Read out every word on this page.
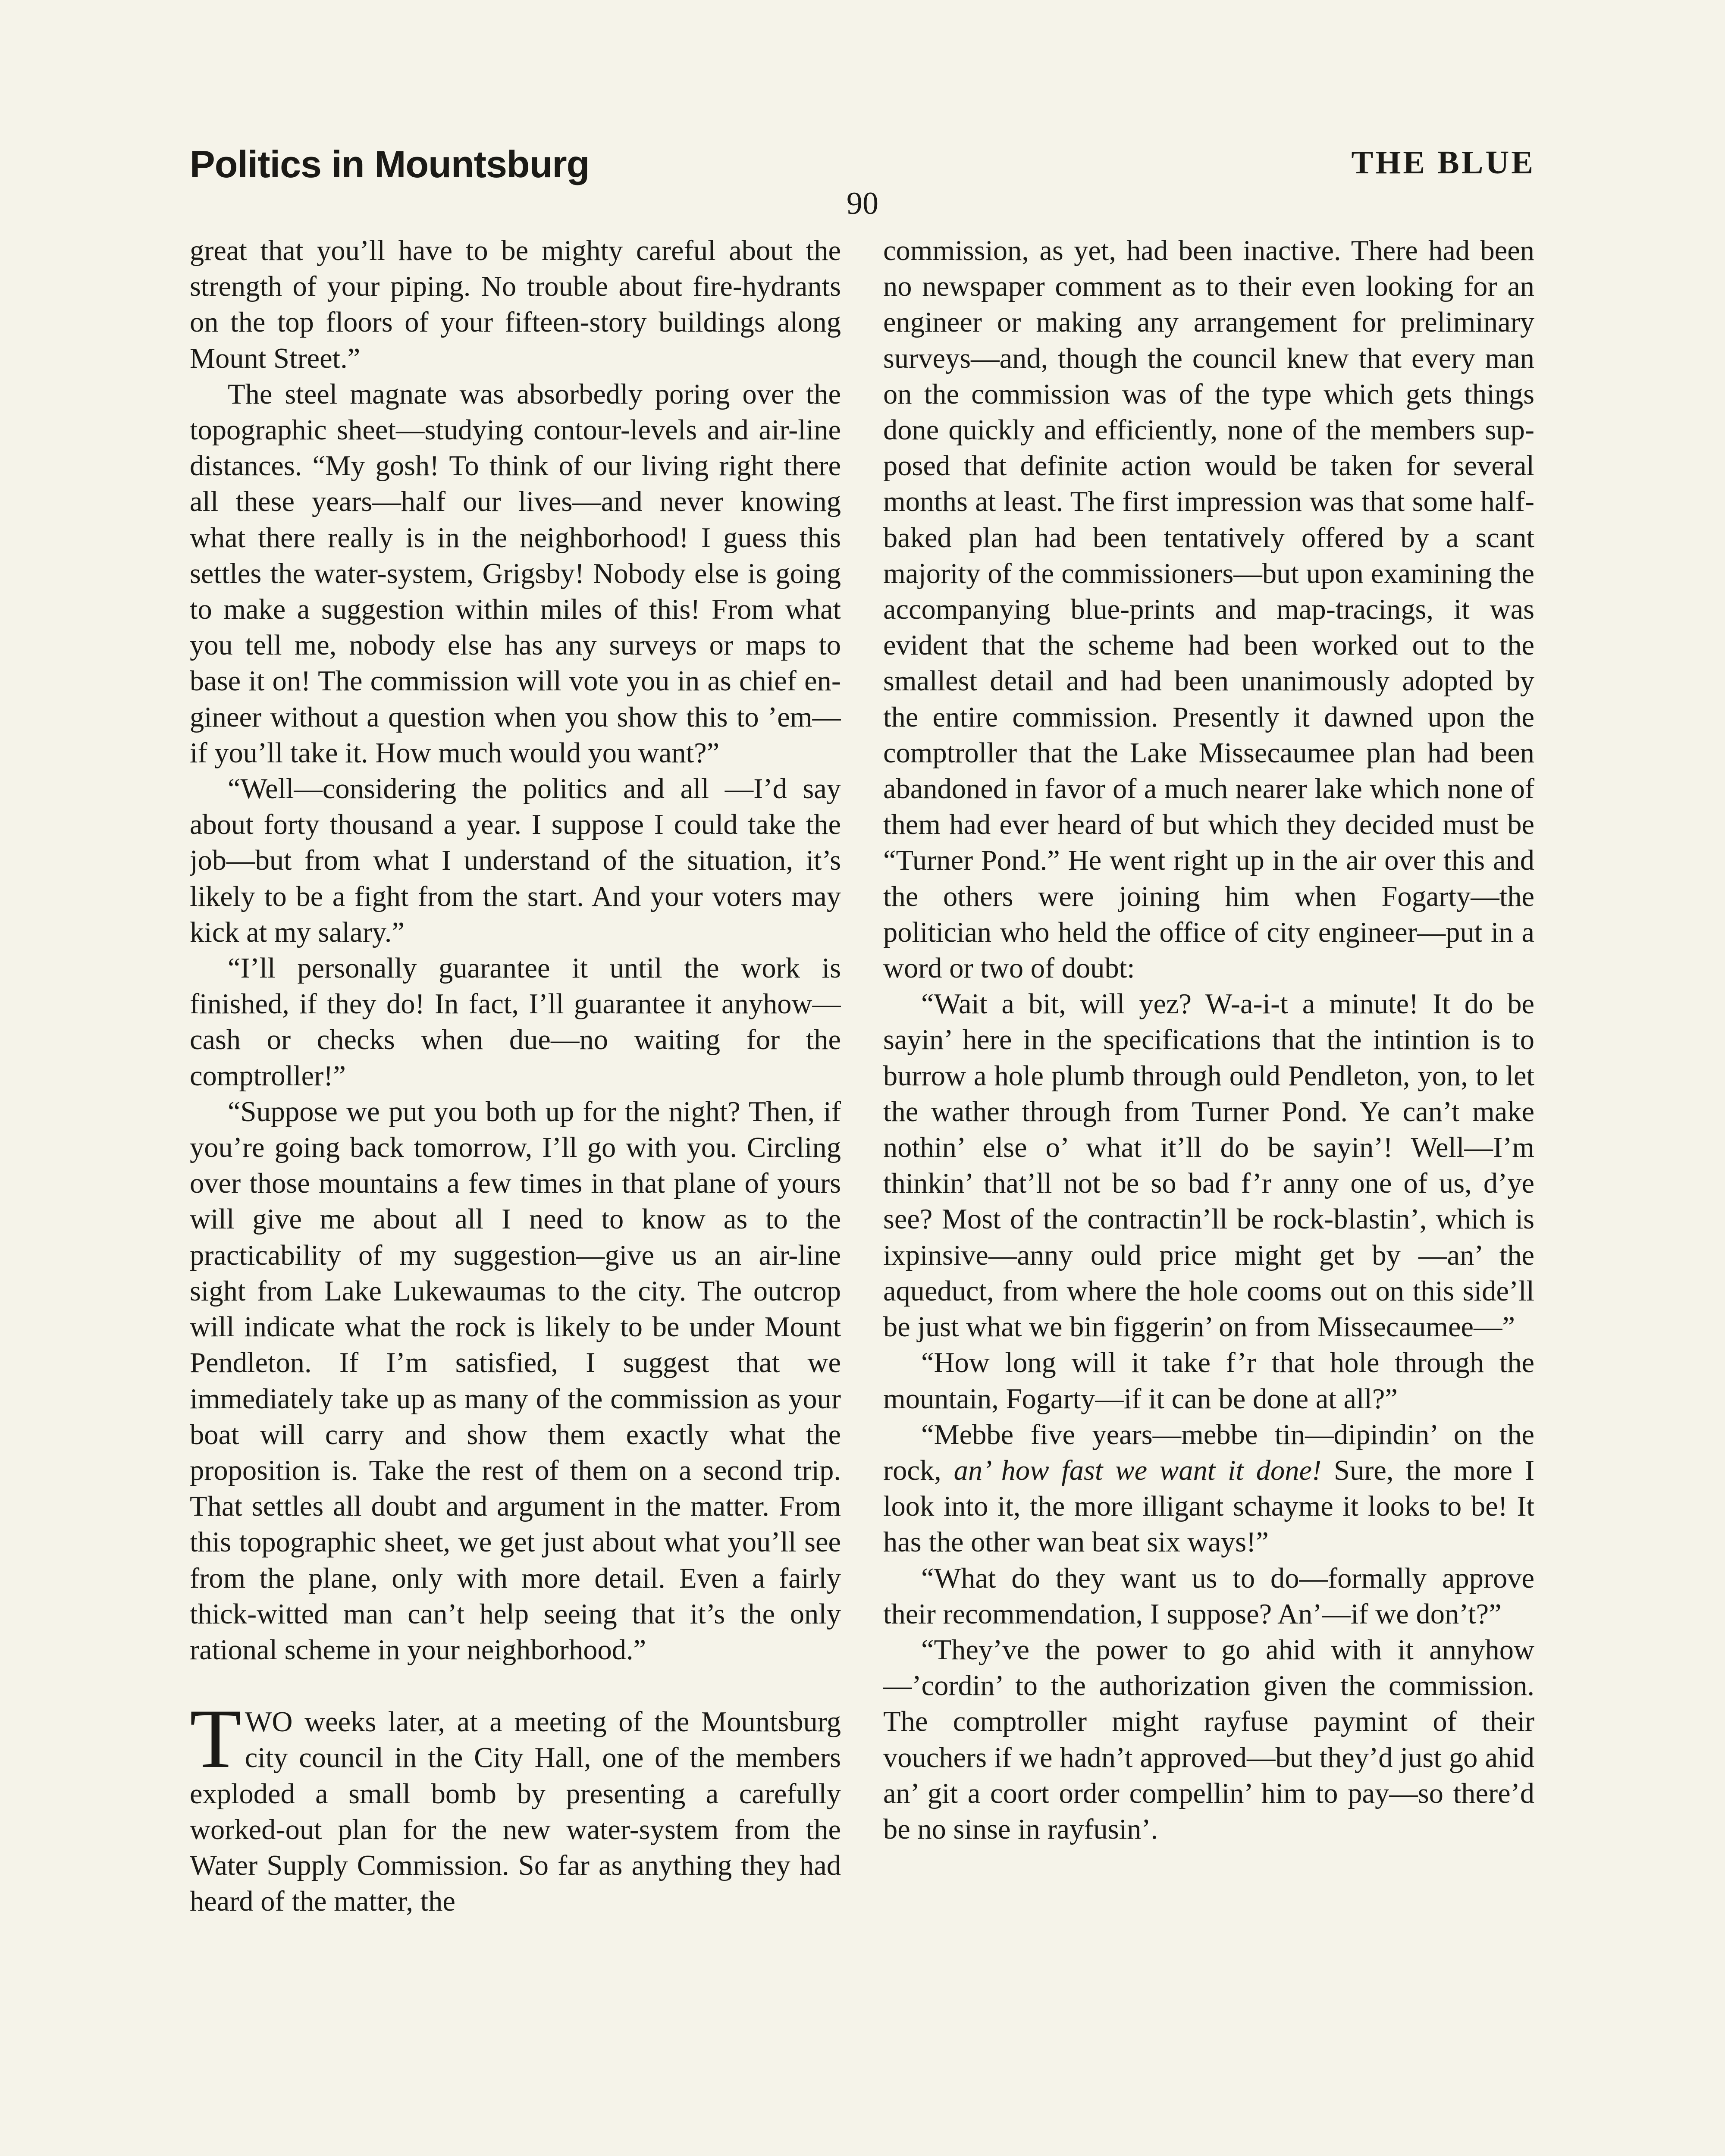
Politics in Mountsburg	THE BLUE
90

great that you’ll have to be mighty careful about the strength of your piping. No trouble about fire-hydrants on the top floors of your fifteen-story buildings along Mount Street.”

The steel magnate was absorbedly poring over the topographic sheet—studying contour-levels and air-line distances. “My gosh! To think of our living right there all these years—half our lives—and never knowing what there really is in the neighborhood! I guess this settles the water-system, Grigsby! Nobody else is going to make a suggestion within miles of this! From what you tell me, nobody else has any surveys or maps to base it on! The commission will vote you in as chief engineer without a question when you show this to ’em—if you’ll take it. How much would you want?”

“Well—considering the politics and all —I’d say about forty thousand a year. I suppose I could take the job—but from what I understand of the situation, it’s likely to be a fight from the start. And your voters may kick at my salary.”

“I’ll personally guarantee it until the work is finished, if they do! In fact, I’ll guarantee it anyhow—cash or checks when due—no waiting for the comptroller!”

“Suppose we put you both up for the night? Then, if you’re going back tomorrow, I’ll go with you. Circling over those mountains a few times in that plane of yours will give me about all I need to know as to the practicability of my suggestion—give us an air-line sight from Lake Lukewaumas to the city. The outcrop will indicate what the rock is likely to be under Mount Pendleton. If I’m satisfied, I suggest that we immediately take up as many of the commission as your boat will carry and show them exactly what the proposition is. Take the rest of them on a second trip. That settles all doubt and argument in the matter. From this topographic sheet, we get just about what you’ll see from the plane, only with more detail. Even a fairly thick-witted man can’t help seeing that it’s the only rational scheme in your neighborhood.”

TWO weeks later, at a meeting of the Mountsburg city council in the City Hall, one of the members exploded a small bomb by presenting a carefully worked-out plan for the new water-system from the Water Supply Commission. So far as anything they had heard of the matter, the

commission, as yet, had been inactive. There had been no newspaper comment as to their even looking for an engineer or making any arrangement for preliminary surveys—and, though the council knew that every man on the commission was of the type which gets things done quickly and efficiently, none of the members supposed that definite action would be taken for several months at least. The first impression was that some half-baked plan had been tentatively offered by a scant majority of the commissioners—but upon examining the accompanying blue-prints and map-tracings, it was evident that the scheme had been worked out to the smallest detail and had been unanimously adopted by the entire commission. Presently it dawned upon the comptroller that the Lake Missecaumee plan had been abandoned in favor of a much nearer lake which none of them had ever heard of but which they decided must be “Turner Pond.” He went right up in the air over this and the others were joining him when Fogarty—the politician who held the office of city engineer—put in a word or two of doubt:

“Wait a bit, will yez? W-a-i-t a minute! It do be sayin’ here in the specifications that the intintion is to burrow a hole plumb through ould Pendleton, yon, to let the wather through from Turner Pond. Ye can’t make nothin’ else o’ what it’ll do be sayin’! Well—I’m thinkin’ that’ll not be so bad f’r anny one of us, d’ye see? Most of the contractin’ll be rock-blastin’, which is ixpinsive—anny ould price might get by —an’ the aqueduct, from where the hole cooms out on this side’ll be just what we bin figgerin’ on from Missecaumee—”

“How long will it take f’r that hole through the mountain, Fogarty—if it can be done at all?”

“Mebbe five years—mebbe tin—dipindin’ on the rock, an’ how fast we want it done! Sure, the more I look into it, the more illigant schayme it looks to be! It has the other wan beat six ways!”

“What do they want us to do—formally approve their recommendation, I suppose? An’—if we don’t?”

“They’ve the power to go ahid with it annyhow—’cordin’ to the authorization given the commission. The comptroller might rayfuse paymint of their vouchers if we hadn’t approved—but they’d just go ahid an’ git a coort order compellin’ him to pay—so there’d be no sinse in rayfusin’.
